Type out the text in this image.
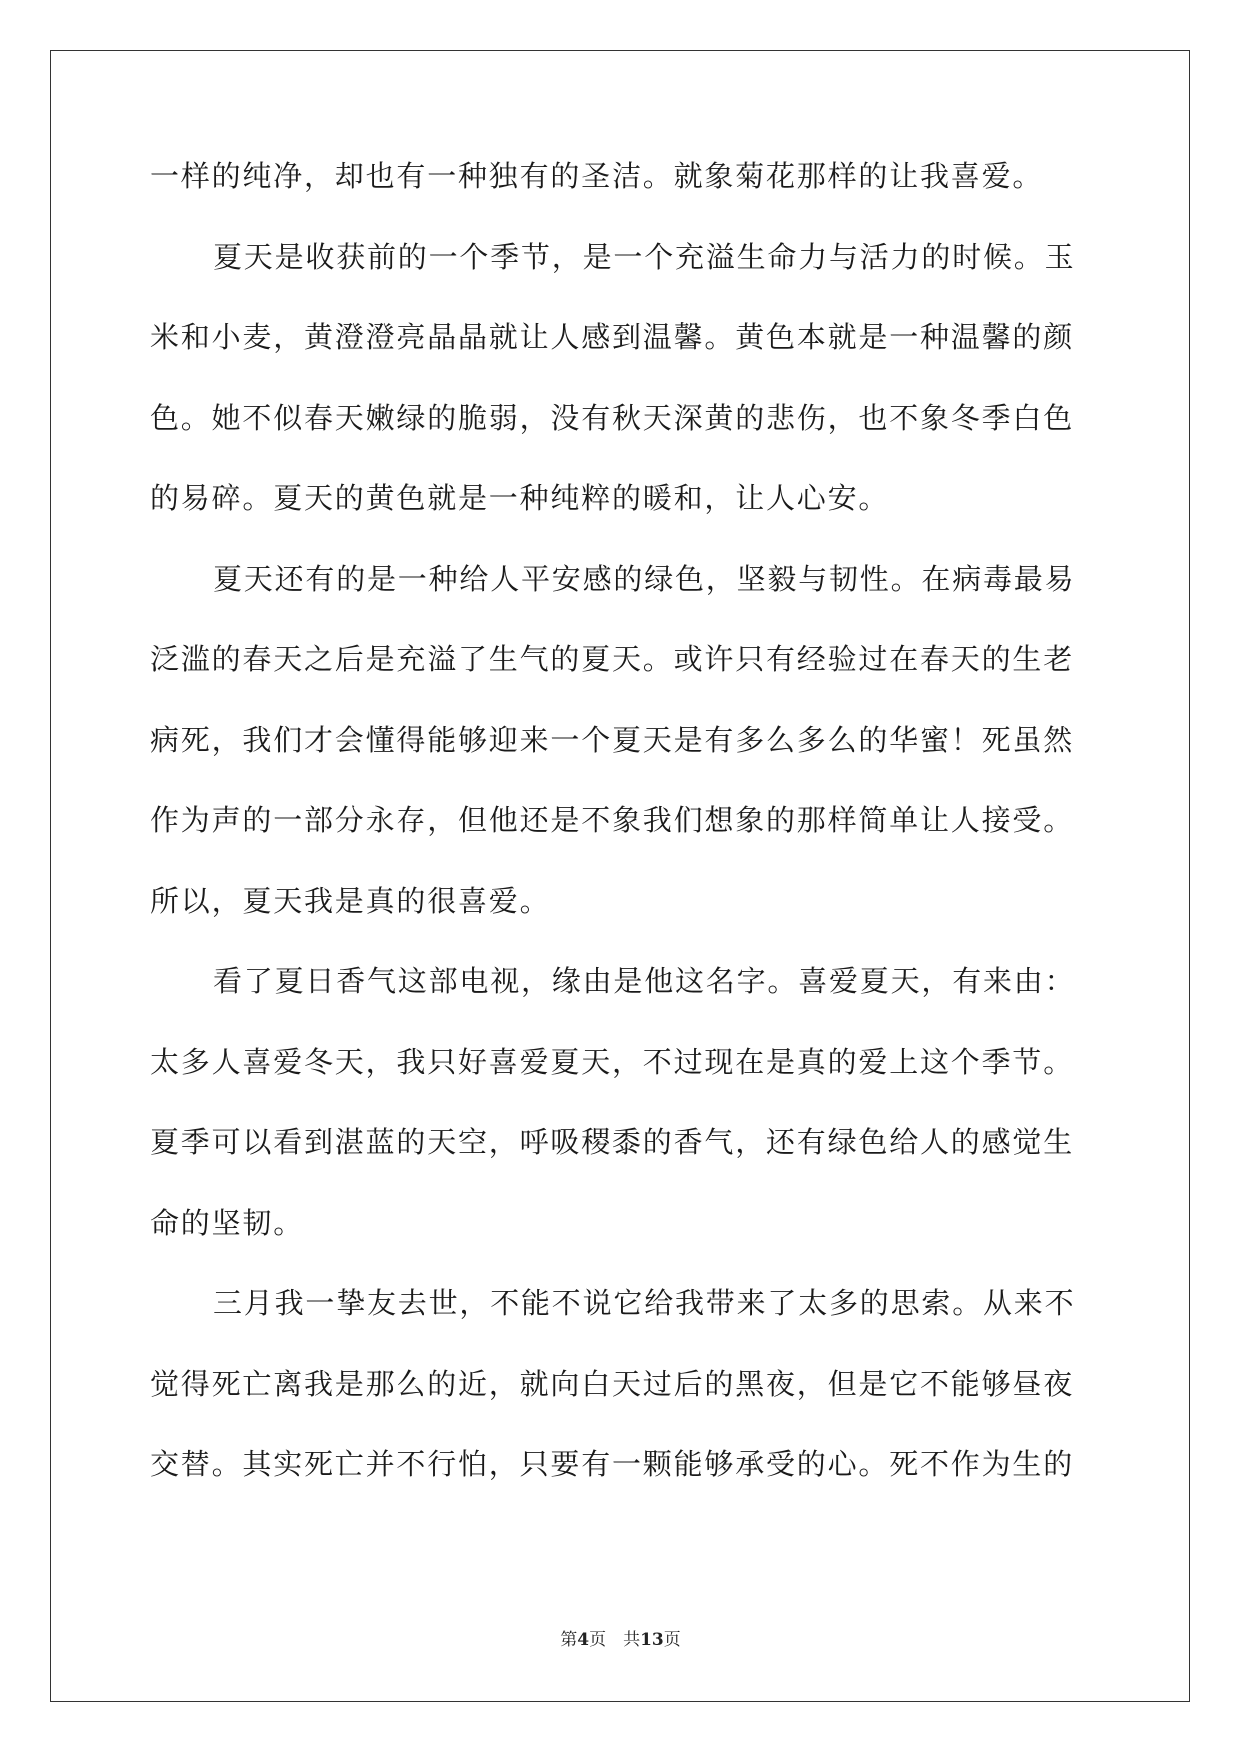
一样的纯净，却也有一种独有的圣洁。就象菊花那样的让我喜爱。
夏天是收获前的一个季节，是一个充溢生命力与活力的时候。玉
米和小麦，黄澄澄亮晶晶就让人感到温馨。黄色本就是一种温馨的颜
色。她不似春天嫩绿的脆弱，没有秋天深黄的悲伤，也不象冬季白色
的易碎。夏天的黄色就是一种纯粹的暖和，让人心安。
夏天还有的是一种给人平安感的绿色，坚毅与韧性。在病毒最易
泛滥的春天之后是充溢了生气的夏天。或许只有经验过在春天的生老
病死，我们才会懂得能够迎来一个夏天是有多么多么的华蜜！死虽然
作为声的一部分永存，但他还是不象我们想象的那样简单让人接受。
所以，夏天我是真的很喜爱。
看了夏日香气这部电视，缘由是他这名字。喜爱夏天，有来由：
太多人喜爱冬天，我只好喜爱夏天，不过现在是真的爱上这个季节。
夏季可以看到湛蓝的天空，呼吸稷黍的香气，还有绿色给人的感觉生
命的坚韧。
三月我一挚友去世，不能不说它给我带来了太多的思索。从来不
觉得死亡离我是那么的近，就向白天过后的黑夜，但是它不能够昼夜
交替。其实死亡并不行怕，只要有一颗能够承受的心。死不作为生的
第4页　共13页
